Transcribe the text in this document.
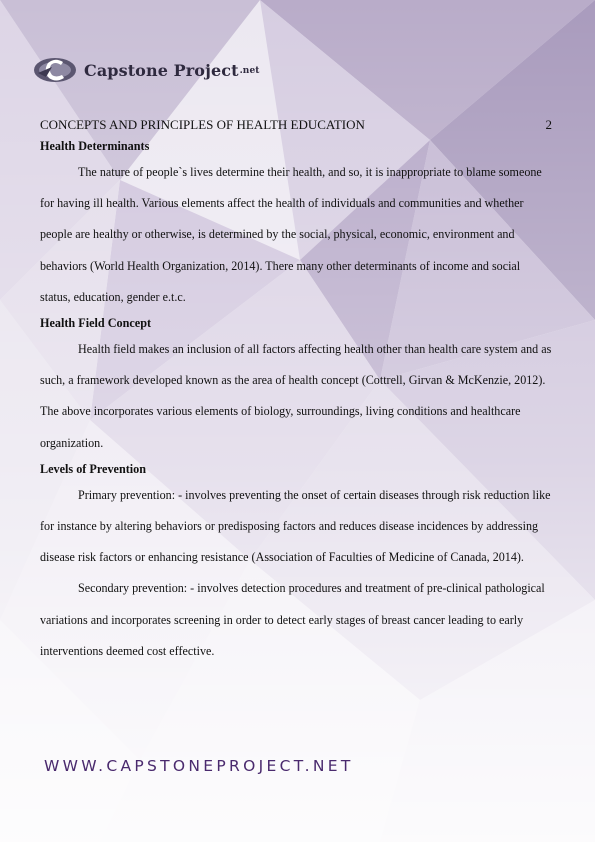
Capstone Project .net
CONCEPTS AND PRINCIPLES OF HEALTH EDUCATION	2
Health Determinants

The nature of people`s lives determine their health, and so, it is inappropriate to blame someone for having ill health. Various elements affect the health of individuals and communities and whether people are healthy or otherwise, is determined by the social, physical, economic, environment and behaviors (World Health Organization, 2014). There many other determinants of income and social status, education, gender e.t.c.

Health Field Concept

Health field makes an inclusion of all factors affecting health other than health care system and as such, a framework developed known as the area of health concept (Cottrell, Girvan & McKenzie, 2012). The above incorporates various elements of biology, surroundings, living conditions and healthcare organization.

Levels of Prevention

Primary prevention: - involves preventing the onset of certain diseases through risk reduction like for instance by altering behaviors or predisposing factors and reduces disease incidences by addressing disease risk factors or enhancing resistance (Association of Faculties of Medicine of Canada, 2014).

Secondary prevention: - involves detection procedures and treatment of pre-clinical pathological variations and incorporates screening in order to detect early stages of breast cancer leading to early interventions deemed cost effective.

WWW.CAPSTONEPROJECT.NET
